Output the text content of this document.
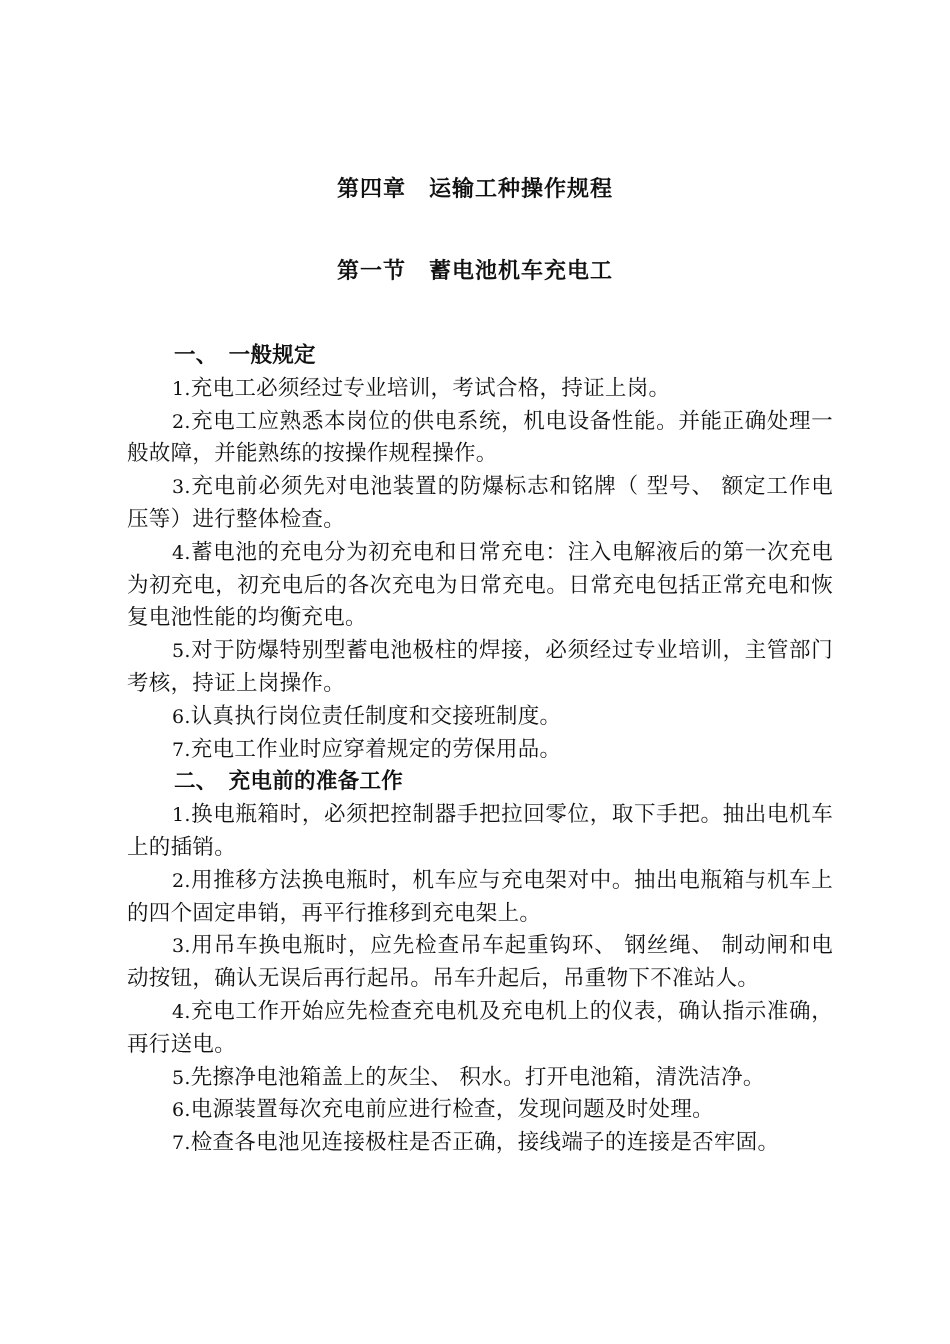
第四章　运输工种操作规程
第一节　蓄电池机车充电工

一、　一般规定

1.充电工必须经过专业培训，考试合格，持证上岗。

2.充电工应熟悉本岗位的供电系统，机电设备性能。并能正确处理一般故障，并能熟练的按操作规程操作。

3.充电前必须先对电池装置的防爆标志和铭牌（ 型号、 额定工作电压等）进行整体检查。

4.蓄电池的充电分为初充电和日常充电：注入电解液后的第一次充电为初充电，初充电后的各次充电为日常充电。日常充电包括正常充电和恢复电池性能的均衡充电。

5.对于防爆特别型蓄电池极柱的焊接，必须经过专业培训，主管部门考核，持证上岗操作。

6.认真执行岗位责任制度和交接班制度。

7.充电工作业时应穿着规定的劳保用品。

二、　充电前的准备工作

1.换电瓶箱时，必须把控制器手把拉回零位，取下手把。抽出电机车上的插销。

2.用推移方法换电瓶时，机车应与充电架对中。抽出电瓶箱与机车上的四个固定串销，再平行推移到充电架上。

3.用吊车换电瓶时，应先检查吊车起重钩环、 钢丝绳、 制动闸和电动按钮，确认无误后再行起吊。吊车升起后，吊重物下不准站人。

4.充电工作开始应先检查充电机及充电机上的仪表，确认指示准确，再行送电。

5.先擦净电池箱盖上的灰尘、 积水。打开电池箱，清洗洁净。

6.电源装置每次充电前应进行检查，发现问题及时处理。

7.检查各电池见连接极柱是否正确，接线端子的连接是否牢固。
